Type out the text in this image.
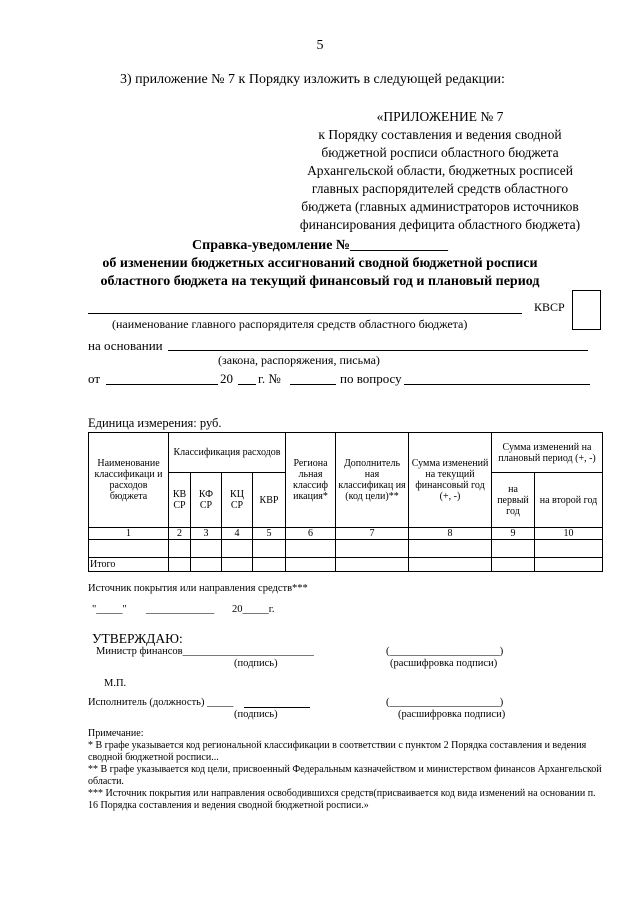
5
3) приложение № 7 к Порядку изложить в следующей редакции:
«ПРИЛОЖЕНИЕ № 7
к Порядку составления и ведения сводной
бюджетной росписи областного бюджета
Архангельской области, бюджетных росписей
главных распорядителей средств областного
бюджета (главных администраторов источников
финансирования дефицита областного бюджета)
Справка-уведомление №______________
об изменении бюджетных ассигнований сводной бюджетной росписи
областного бюджета на текущий финансовый год и плановый период
КВСР
(наименование главного распорядителя средств областного бюджета)
на основании
(закона, распоряжения, письма)
от	20 г. №	по вопросу
Единица измерения: руб.
Наименование классификаци и расходов бюджета	Классификация расходов				Регионa льная классиф икация*	Дополнитель ная классификац ия (код цели)**	Сумма изменений на текущий финансовый год (+, -)	Сумма изменений на плановый период (+, -)	
	КВ СР	КФ СР	КЦ СР	КВР				на первый год	на второй год
1	2	3	4	5	6	7	8	9	10

Итого									
Источник покрытия или направления средств***
"_____" _____________ 20_____г.
УТВЕРЖДАЮ:
Министр финансов_________________________	(_____________________)
(подпись)	(расшифровка подписи)
М.П.
Исполнитель (должность) _____	(_____________________)
(подпись)	(расшифровка подписи)
Примечание:
* В графе указывается код региональной классификации в соответствии с пунктом 2 Порядка составления и ведения сводной бюджетной росписи...
** В графе указывается код цели, присвоенный Федеральным казначейством и министерством финансов Архангельской области.
*** Источник покрытия или направления освободившихся средств(присваивается код вида изменений на основании п. 16 Порядка составления и ведения сводной бюджетной росписи.»
